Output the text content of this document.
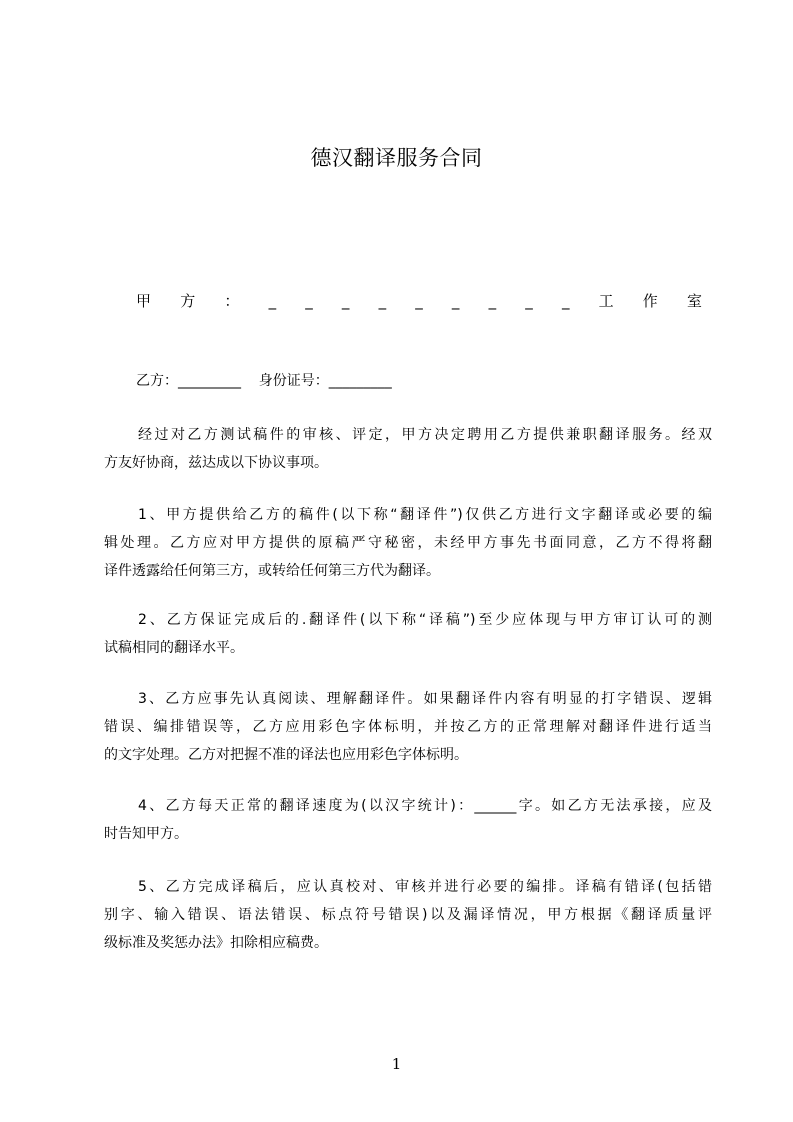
德汉翻译服务合同
甲 方 ： _ _ _ _ _ _ _ _ _ 工 作 室
乙方：_________    身份证号：_________
经过对乙方测试稿件的审核、评定，甲方决定聘用乙方提供兼职翻译服务。经双
方友好协商，兹达成以下协议事项。
1、甲方提供给乙方的稿件(以下称“翻译件”)仅供乙方进行文字翻译或必要的编
辑处理。乙方应对甲方提供的原稿严守秘密，未经甲方事先书面同意，乙方不得将翻
译件透露给任何第三方，或转给任何第三方代为翻译。
2、乙方保证完成后的.翻译件(以下称“译稿”)至少应体现与甲方审订认可的测
试稿相同的翻译水平。
3、乙方应事先认真阅读、理解翻译件。如果翻译件内容有明显的打字错误、逻辑
错误、编排错误等，乙方应用彩色字体标明，并按乙方的正常理解对翻译件进行适当
的文字处理。乙方对把握不准的译法也应用彩色字体标明。
4、乙方每天正常的翻译速度为(以汉字统计)：______字。如乙方无法承接，应及
时告知甲方。
5、乙方完成译稿后，应认真校对、审核并进行必要的编排。译稿有错译(包括错
别字、输入错误、语法错误、标点符号错误)以及漏译情况，甲方根据《翻译质量评
级标准及奖惩办法》扣除相应稿费。
1
